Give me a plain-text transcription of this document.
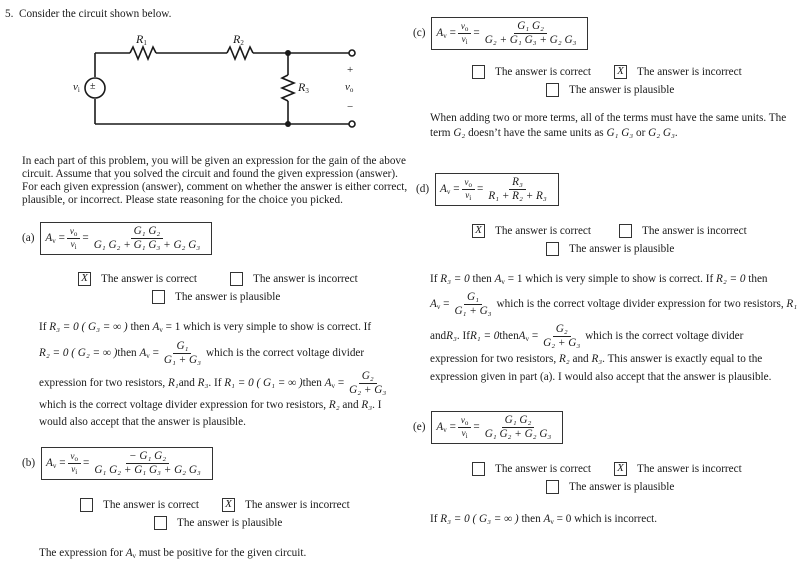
5. Consider the circuit shown below.

$R_1$	$R_2$
$R_3$
$v_i$ ±
+
$v_o$
−
In each part of this problem, you will be given an expression for the gain of the above
circuit. Assume that you solved the circuit and found the given expression (answer).
For each given expression (answer), comment on whether the answer is either correct,
plausible, or incorrect. Please state reasoning for the choice you picked.
(a) $A_v$
= $\frac{v_o}{v_i} = \frac{\text{G₁ G₂}}{\text{G₁ G₂ + G₁ G₃ + G₂ G₃}}$
X The answer is correct	The answer is incorrect
The answer is plausible
If R₃ = 0 ( G₃ = ∞ ) then $A_v = 1$ which is very simple to show is correct. If
R₂ = 0 ( G₂ = ∞ ) then
$A_v$
= $\frac{\text{G₁}}{\text{G₁ + G₃}}$ which is the correct voltage divider
expression for two resistors,
R₁ and
R₃ . If
R₁ = 0 ( G₁ = ∞ ) then
$A_v$
= $\frac{\text{G₂}}{\text{G₂ + G₃}}$
which is the correct voltage divider expression for two resistors, R₂ and R₃. I
would also accept that the answer is plausible.
(b) $A_v$
= $\frac{v_o}{v_i} = \frac{\text{− G₁ G₂}}{\text{G₁ G₂ + G₁ G₃ + G₂ G₃}}$
The answer is correct X The answer is incorrect
The answer is plausible

The expression for $A_v$ must be positive for the given circuit.

(c) $A_v$
= $\frac{v_o}{v_i} = \frac{\text{G₁ G₂}}{\text{G₂ + G₁ G₃ + G₂ G₃}}$
The answer is correct X The answer is incorrect
The answer is plausible
When adding two or more terms, all of the terms must have the same units. The
term G₂ doesn’t have the same units as G₁ G₃ or G₂ G₃.
(d) $A_v$
= $\frac{v_o}{v_i} = \frac{\text{R₃}}{\text{R₁ + R₂ + R₃}}$
X The answer is correct	The answer is incorrect
The answer is plausible
If R₃ = 0 then $A_v = 1$ which is very simple to show is correct. If R₂ = 0 then
$A_v$
= $\frac{\text{G₁}}{\text{G₁ + G₃}}$ which is the correct voltage divider expression for two resistors,
R₁
and R₃ . If R₁ = 0 then $A_v$
= $\frac{\text{G₂}}{\text{G₂ + G₃}}$ which is the correct voltage divider
expression for two resistors, R₂ and R₃. This answer is exactly equal to the
expression given in part (a). I would also accept that the answer is plausible.
(e) $A_v$
= $\frac{v_o}{v_i} = \frac{\text{G₁ G₂}}{\text{G₁ G₂ + G₂ G₃}}$
The answer is correct X The answer is incorrect
The answer is plausible

If R₃ = 0 ( G₃ = ∞ ) then $A_v = 0$ which is incorrect.
